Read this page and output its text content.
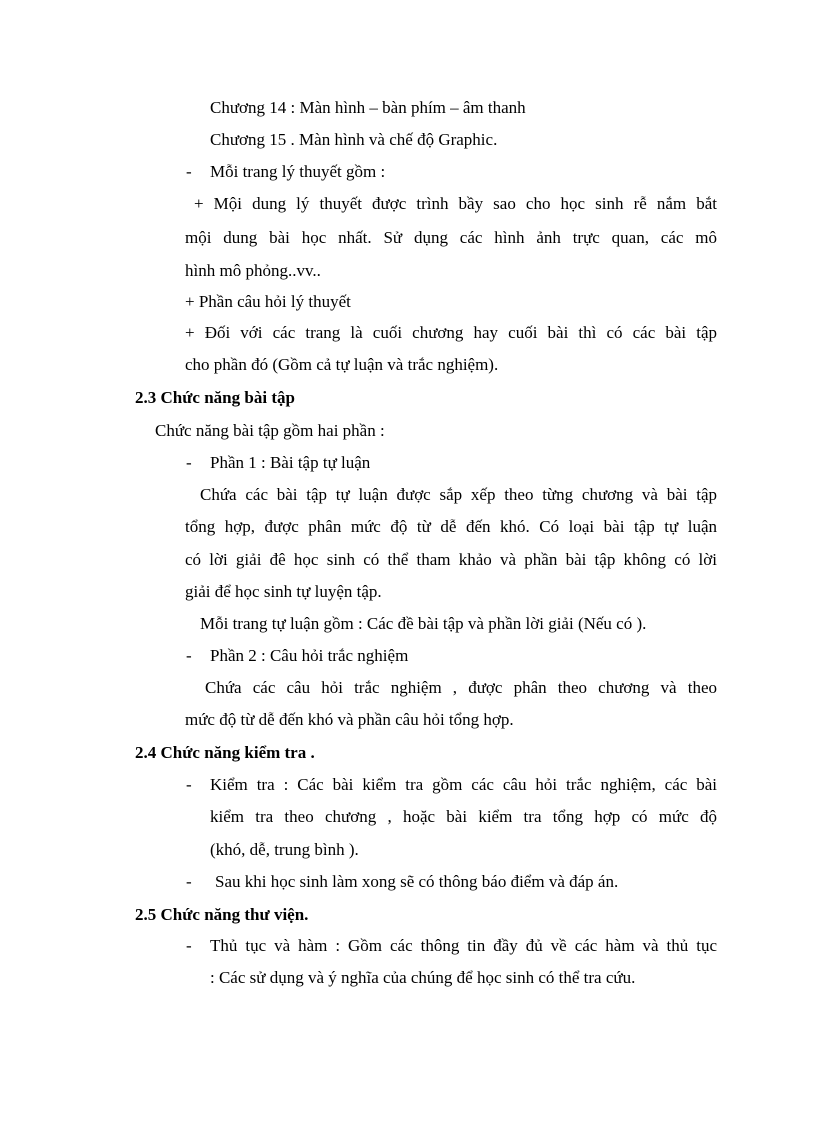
Chương 14 : Màn hình – bàn phím – âm thanh
Chương 15 . Màn hình và chế độ Graphic.
- Mỗi trang lý thuyết gồm :
+ Mội dung lý thuyết được trình bầy sao cho học sinh rễ nắm bắt
mội dung bài học nhất. Sử dụng các hình ảnh trực quan, các mô
hình mô phỏng..vv..
+ Phần câu hỏi lý thuyết
+ Đối với các trang là cuối chương hay cuối bài thì có các bài tập
cho phần đó (Gồm cả tự luận và trắc nghiệm).
2.3 Chức năng bài tập
Chức năng bài tập gồm hai phần :
- Phần 1 : Bài tập tự luận
Chứa các bài tập tự luận được sắp xếp theo từng chương và bài tập
tổng hợp, được phân mức độ từ dễ đến khó. Có loại bài tập tự luận
có lời giải đê học sinh có thể tham khảo và phần bài tập không có lời
giải để học sinh tự luyện tập.
Mỗi trang tự luận gồm : Các đề bài tập và phần lời giải (Nếu có ).
- Phần 2 : Câu hỏi trắc nghiệm
Chứa các câu hỏi trắc nghiệm , được phân theo chương và theo
mức độ từ dễ đến khó và phần câu hỏi tổng hợp.
2.4 Chức năng kiểm tra .
- Kiểm tra : Các bài kiểm tra gồm các câu hỏi trắc nghiệm, các bài
kiểm tra theo chương , hoặc bài kiểm tra tổng hợp có mức độ
(khó, dễ, trung bình ).
- Sau khi học sinh làm xong sẽ có thông báo điểm và đáp án.
2.5 Chức năng thư viện.
- Thủ tục và hàm : Gồm các thông tin đầy đủ về các hàm và thủ tục
: Các sử dụng và ý nghĩa của chúng để học sinh có thể tra cứu.
